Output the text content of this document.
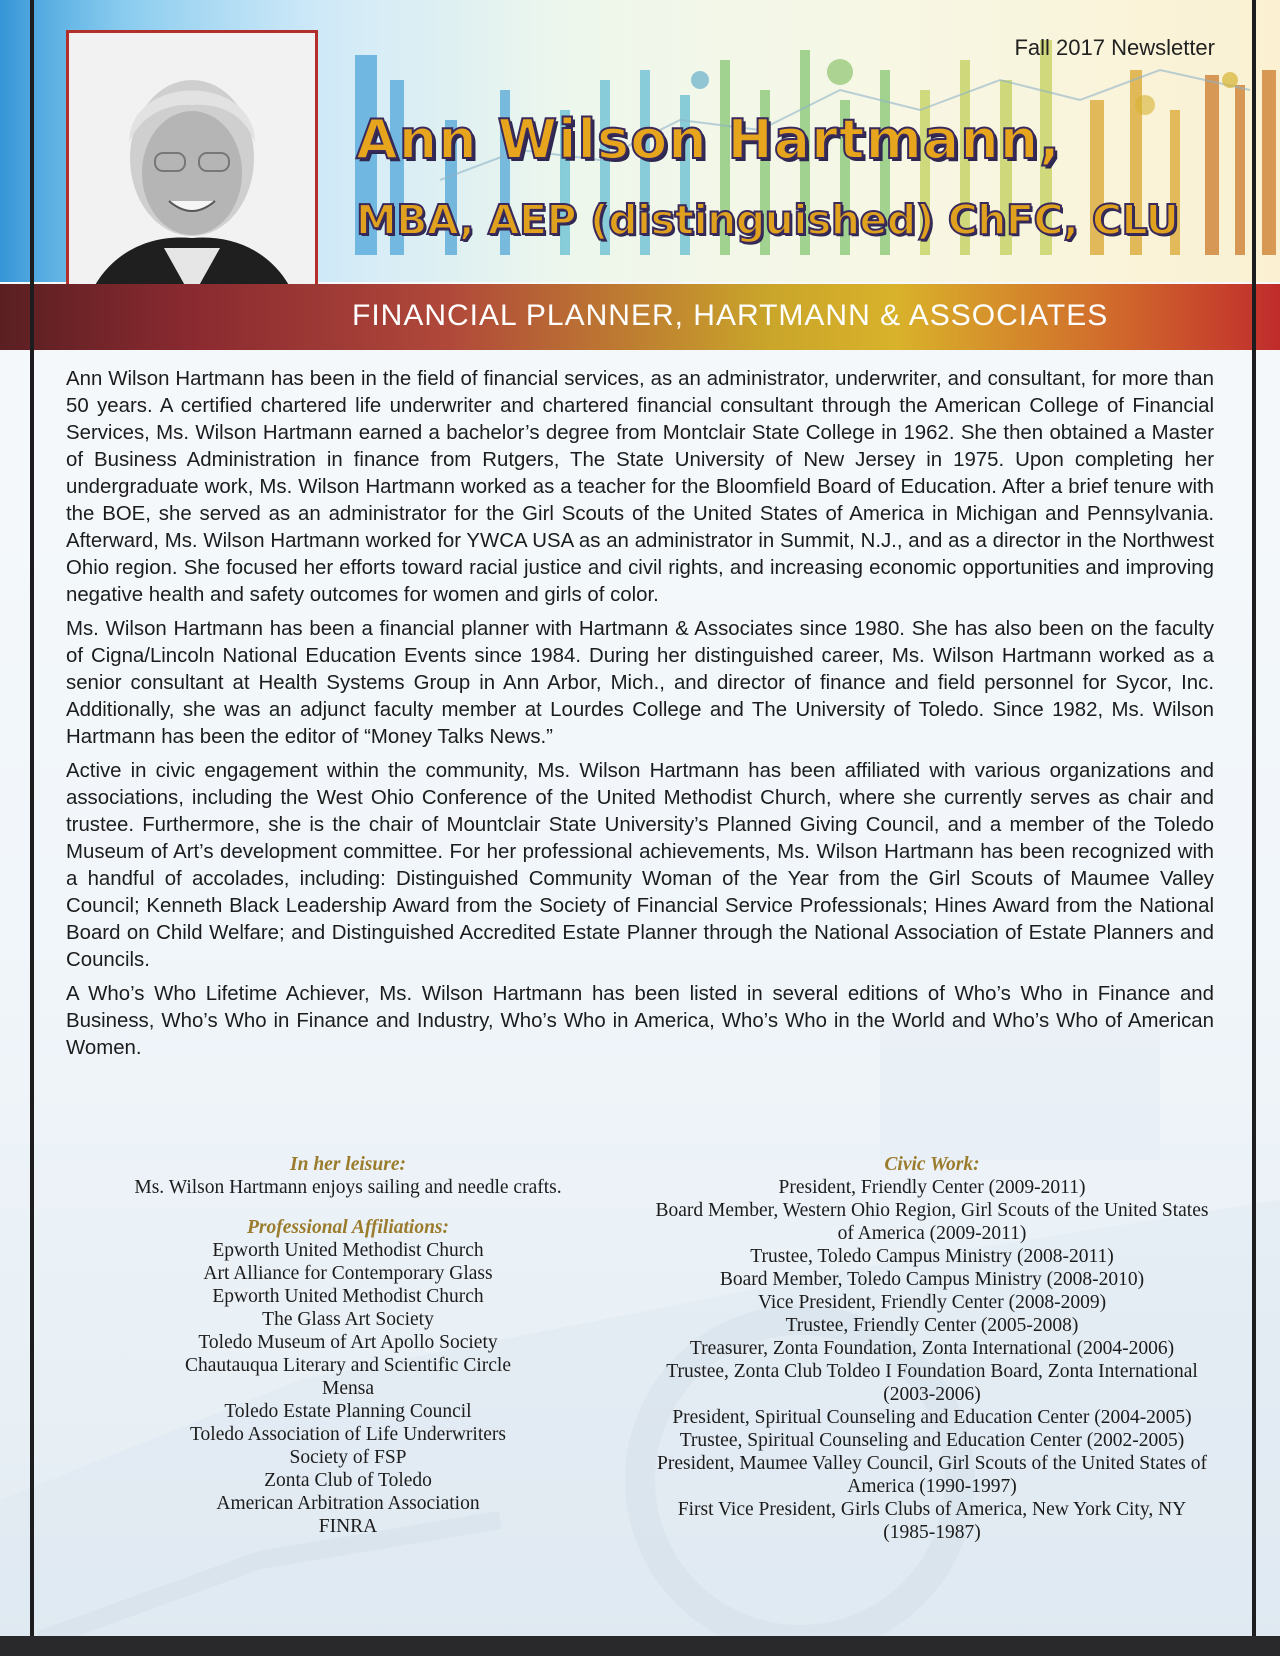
Fall 2017 Newsletter
Ann Wilson Hartmann,
MBA, AEP (distinguished) ChFC, CLU
FINANCIAL PLANNER, HARTMANN & ASSOCIATES

Ann Wilson Hartmann has been in the field of financial services, as an administrator, underwriter, and consultant, for more than 50 years. A certified chartered life underwriter and chartered financial consultant through the American College of Financial Services, Ms. Wilson Hartmann earned a bachelor’s degree from Montclair State College in 1962. She then obtained a Master of Business Administration in finance from Rutgers, The State University of New Jersey in 1975. Upon completing her undergraduate work, Ms. Wilson Hartmann worked as a teacher for the Bloomfield Board of Education. After a brief tenure with the BOE, she served as an administrator for the Girl Scouts of the United States of America in Michigan and Pennsylvania. Afterward, Ms. Wilson Hartmann worked for YWCA USA as an administrator in Summit, N.J., and as a director in the Northwest Ohio region. She focused her efforts toward racial justice and civil rights, and increasing economic opportunities and improving negative health and safety outcomes for women and girls of color.

Ms. Wilson Hartmann has been a financial planner with Hartmann & Associates since 1980. She has also been on the faculty of Cigna/Lincoln National Education Events since 1984. During her distinguished career, Ms. Wilson Hartmann worked as a senior consultant at Health Systems Group in Ann Arbor, Mich., and director of finance and field personnel for Sycor, Inc. Additionally, she was an adjunct faculty member at Lourdes College and The University of Toledo. Since 1982, Ms. Wilson Hartmann has been the editor of “Money Talks News.”

Active in civic engagement within the community, Ms. Wilson Hartmann has been affiliated with various organizations and associations, including the West Ohio Conference of the United Methodist Church, where she currently serves as chair and trustee. Furthermore, she is the chair of Mountclair State University’s Planned Giving Council, and a member of the Toledo Museum of Art’s development committee. For her professional achievements, Ms. Wilson Hartmann has been recognized with a handful of accolades, including: Distinguished Community Woman of the Year from the Girl Scouts of Maumee Valley Council; Kenneth Black Leadership Award from the Society of Financial Service Professionals; Hines Award from the National Board on Child Welfare; and Distinguished Accredited Estate Planner through the National Association of Estate Planners and Councils.

A Who’s Who Lifetime Achiever, Ms. Wilson Hartmann has been listed in several editions of Who’s Who in Finance and Business, Who’s Who in Finance and Industry, Who’s Who in America, Who’s Who in the World and Who’s Who of American Women.

In her leisure:
Ms. Wilson Hartmann enjoys sailing and needle crafts.
Professional Affiliations:
Epworth United Methodist Church
Art Alliance for Contemporary Glass
Epworth United Methodist Church
The Glass Art Society
Toledo Museum of Art Apollo Society
Chautauqua Literary and Scientific Circle
Mensa
Toledo Estate Planning Council
Toledo Association of Life Underwriters
Society of FSP
Zonta Club of Toledo
American Arbitration Association
FINRA
Civic Work:
President, Friendly Center (2009-2011)
Board Member, Western Ohio Region, Girl Scouts of the United States of America (2009-2011)
Trustee, Toledo Campus Ministry (2008-2011)
Board Member, Toledo Campus Ministry (2008-2010)
Vice President, Friendly Center (2008-2009)
Trustee, Friendly Center (2005-2008)
Treasurer, Zonta Foundation, Zonta International (2004-2006)
Trustee, Zonta Club Toldeo I Foundation Board, Zonta International (2003-2006)
President, Spiritual Counseling and Education Center (2004-2005)
Trustee, Spiritual Counseling and Education Center (2002-2005)
President, Maumee Valley Council, Girl Scouts of the United States of America (1990-1997)
First Vice President, Girls Clubs of America, New York City, NY (1985-1987)
